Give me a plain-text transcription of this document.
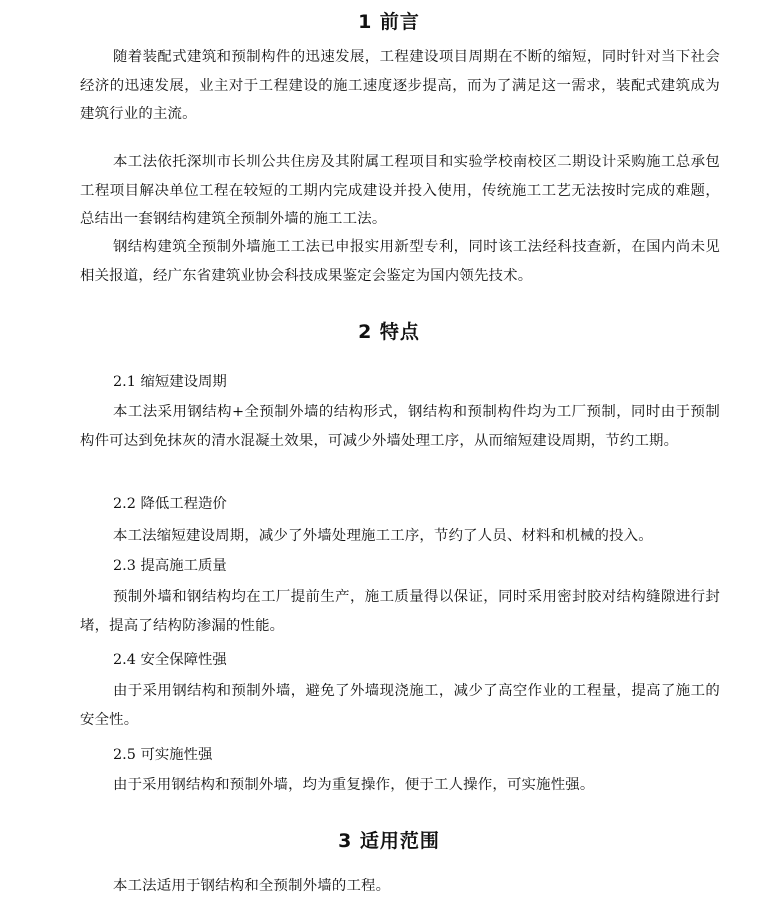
1 前言

随着装配式建筑和预制构件的迅速发展，工程建设项目周期在不断的缩短，同时针对当下社会经济的迅速发展，业主对于工程建设的施工速度逐步提高，而为了满足这一需求，装配式建筑成为建筑行业的主流。

本工法依托深圳市长圳公共住房及其附属工程项目和实验学校南校区二期设计采购施工总承包工程项目解决单位工程在较短的工期内完成建设并投入使用，传统施工工艺无法按时完成的难题，总结出一套钢结构建筑全预制外墙的施工工法。

钢结构建筑全预制外墙施工工法已申报实用新型专利，同时该工法经科技查新，在国内尚未见相关报道，经广东省建筑业协会科技成果鉴定会鉴定为国内领先技术。

2 特点

2.1 缩短建设周期

本工法采用钢结构+全预制外墙的结构形式，钢结构和预制构件均为工厂预制，同时由于预制构件可达到免抹灰的清水混凝土效果，可减少外墙处理工序，从而缩短建设周期，节约工期。

2.2 降低工程造价

本工法缩短建设周期，减少了外墙处理施工工序，节约了人员、材料和机械的投入。

2.3 提高施工质量

预制外墙和钢结构均在工厂提前生产，施工质量得以保证，同时采用密封胶对结构缝隙进行封堵，提高了结构防渗漏的性能。

2.4 安全保障性强

由于采用钢结构和预制外墙，避免了外墙现浇施工，减少了高空作业的工程量，提高了施工的安全性。

2.5 可实施性强

由于采用钢结构和预制外墙，均为重复操作，便于工人操作，可实施性强。

3 适用范围

本工法适用于钢结构和全预制外墙的工程。
